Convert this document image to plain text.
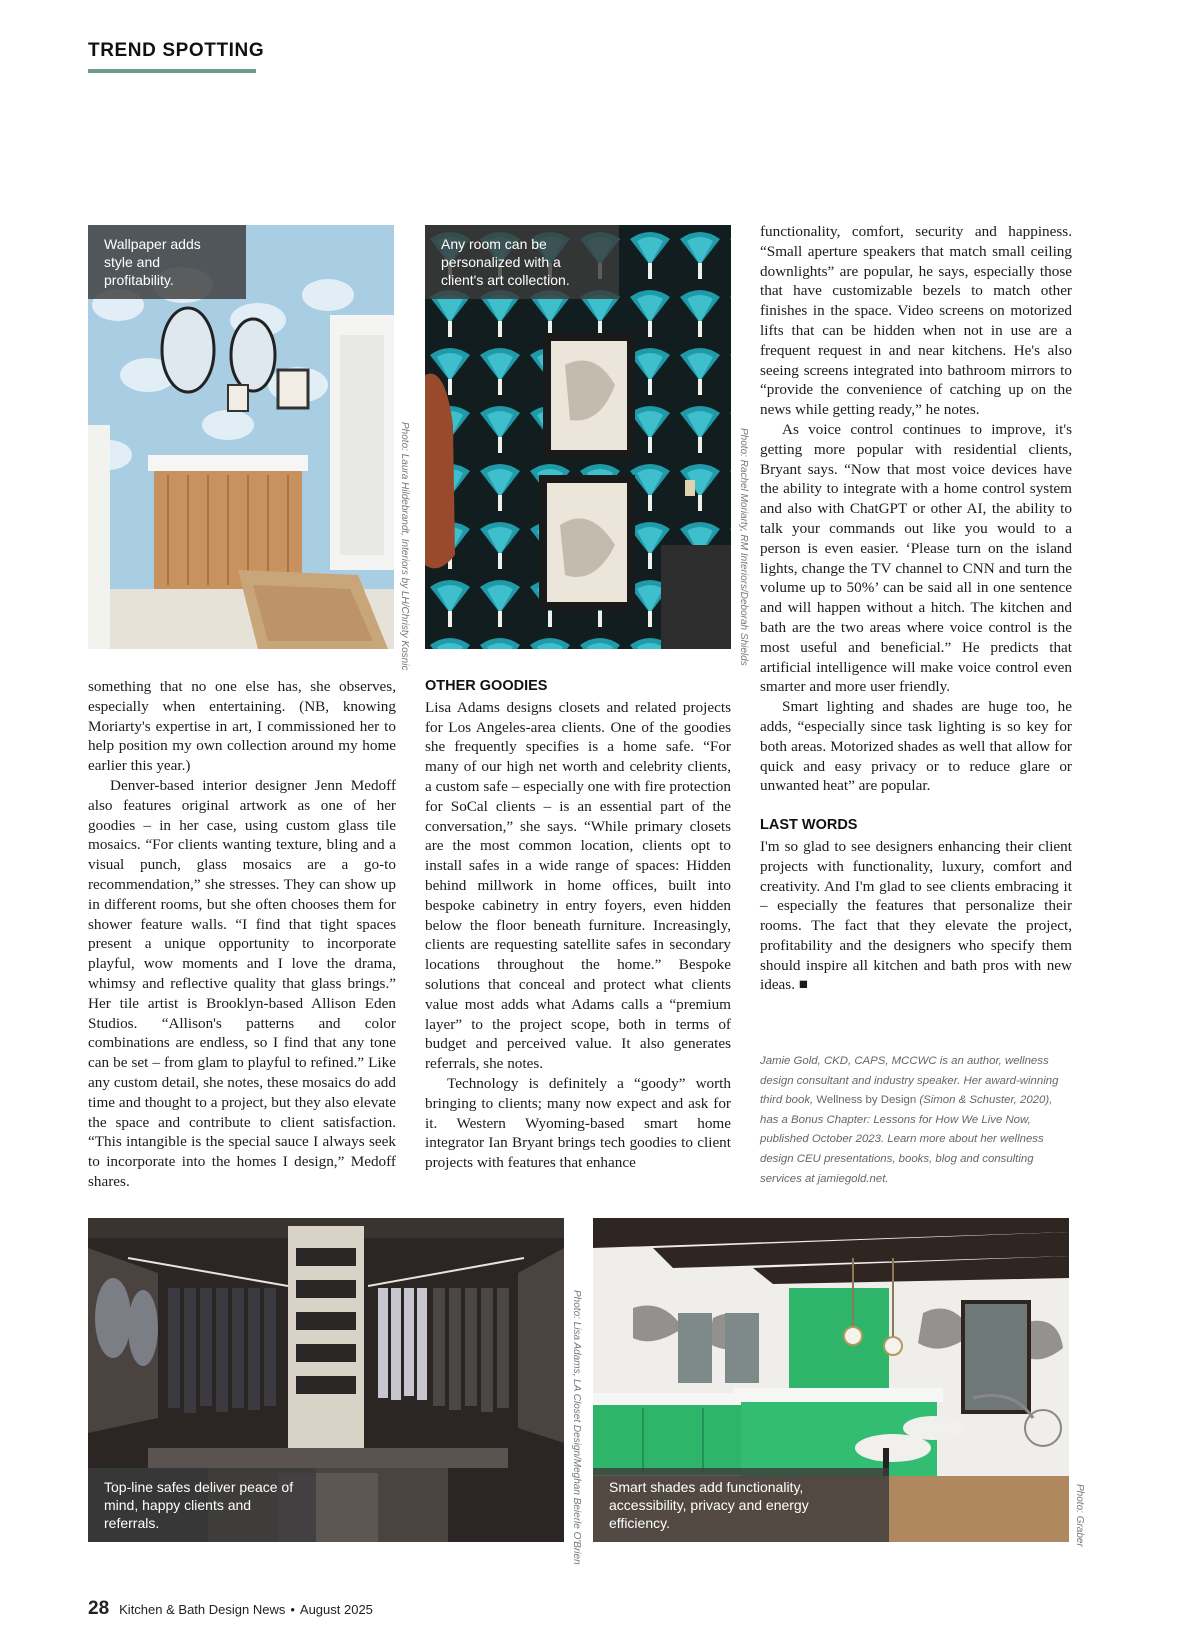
TREND SPOTTING
Wallpaper adds style and profitability.
Photo: Laura Hildebrandt, Interiors by LH/Christy Kosnic
Any room can be personalized with a client's art collection.
Photo: Rachel Moriarty, RM Interiors/Deborah Shields

something that no one else has, she observes, especially when entertaining. (NB, knowing Moriarty's expertise in art, I commissioned her to help position my own collection around my home earlier this year.)

Denver-based interior designer Jenn Medoff also features original artwork as one of her goodies – in her case, using custom glass tile mosaics. “For clients wanting texture, bling and a visual punch, glass mosaics are a go-to recommendation,” she stresses. They can show up in different rooms, but she often chooses them for shower feature walls. “I find that tight spaces present a unique opportunity to incorporate playful, wow moments and I love the drama, whimsy and reflective quality that glass brings.” Her tile artist is Brooklyn-based Allison Eden Studios. “Allison's patterns and color combinations are endless, so I find that any tone can be set – from glam to playful to refined.” Like any custom detail, she notes, these mosaics do add time and thought to a project, but they also elevate the space and contribute to client satisfaction. “This intangible is the special sauce I always seek to incorporate into the homes I design,” Medoff shares.

OTHER GOODIES

Lisa Adams designs closets and related projects for Los Angeles-area clients. One of the goodies she frequently specifies is a home safe. “For many of our high net worth and celebrity clients, a custom safe – especially one with fire protection for SoCal clients – is an essential part of the conversation,” she says. “While primary closets are the most common location, clients opt to install safes in a wide range of spaces: Hidden behind millwork in home offices, built into bespoke cabinetry in entry foyers, even hidden below the floor beneath furniture. Increasingly, clients are requesting satellite safes in secondary locations throughout the home.” Bespoke solutions that conceal and protect what clients value most adds what Adams calls a “premium layer” to the project scope, both in terms of budget and perceived value. It also generates referrals, she notes.

Technology is definitely a “goody” worth bringing to clients; many now expect and ask for it. Western Wyoming-based smart home integrator Ian Bryant brings tech goodies to client projects with features that enhance

functionality, comfort, security and happiness. “Small aperture speakers that match small ceiling downlights” are popular, he says, especially those that have customizable bezels to match other finishes in the space. Video screens on motorized lifts that can be hidden when not in use are a frequent request in and near kitchens. He's also seeing screens integrated into bathroom mirrors to “provide the convenience of catching up on the news while getting ready,” he notes.

As voice control continues to improve, it's getting more popular with residential clients, Bryant says. “Now that most voice devices have the ability to integrate with a home control system and also with ChatGPT or other AI, the ability to talk your commands out like you would to a person is even easier. ‘Please turn on the island lights, change the TV channel to CNN and turn the volume up to 50%’ can be said all in one sentence and will happen without a hitch. The kitchen and bath are the two areas where voice control is the most useful and beneficial.” He predicts that artificial intelligence will make voice control even smarter and more user friendly.

Smart lighting and shades are huge too, he adds, “especially since task lighting is so key for both areas. Motorized shades as well that allow for quick and easy privacy or to reduce glare or unwanted heat” are popular.

LAST WORDS

I'm so glad to see designers enhancing their client projects with functionality, luxury, comfort and creativity. And I'm glad to see clients embracing it – especially the features that personalize their rooms. The fact that they elevate the project, profitability and the designers who specify them should inspire all kitchen and bath pros with new ideas. ■

Jamie Gold, CKD, CAPS, MCCWC is an author, wellness design consultant and industry speaker. Her award-winning third book, Wellness by Design (Simon & Schuster, 2020), has a Bonus Chapter: Lessons for How We Live Now, published October 2023. Learn more about her wellness design CEU presentations, books, blog and consulting services at jamiegold.net.
Top-line safes deliver peace of mind, happy clients and referrals.	Photo: Lisa Adams, LA Closet Design/Meghan Beierle O'Brien	Smart shades add functionality, accessibility, privacy and energy efficiency.	Photo: Graber
28 Kitchen & Bath Design News • August 2025
